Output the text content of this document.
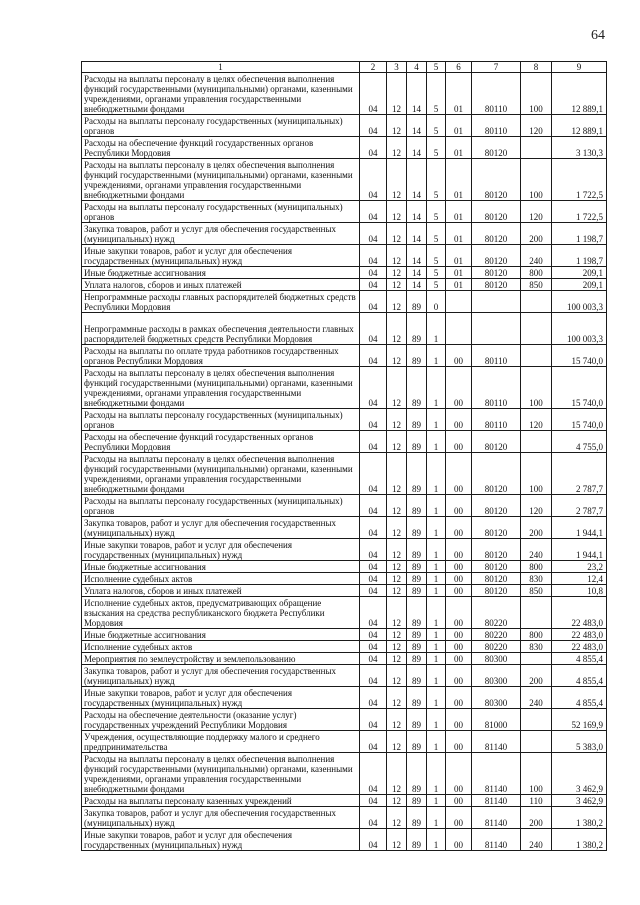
64
1	2	3	4	5	6	7	8	9
Расходы на выплаты персоналу в целях обеспечения выполнения функций государственными (муниципальными) органами, казенными учреждениями, органами управления государственными внебюджетными фондами	04	12	14	5	01	80110	100	12 889,1
Расходы на выплаты персоналу государственных (муниципальных) органов	04	12	14	5	01	80110	120	12 889,1
Расходы на обеспечение функций государственных органов Республики Мордовия	04	12	14	5	01	80120		3 130,3
Расходы на выплаты персоналу в целях обеспечения выполнения функций государственными (муниципальными) органами, казенными учреждениями, органами управления государственными внебюджетными фондами	04	12	14	5	01	80120	100	1 722,5
Расходы на выплаты персоналу государственных (муниципальных) органов	04	12	14	5	01	80120	120	1 722,5
Закупка товаров, работ и услуг для обеспечения государственных (муниципальных) нужд	04	12	14	5	01	80120	200	1 198,7
Иные закупки товаров, работ и услуг для обеспечения государственных (муниципальных) нужд	04	12	14	5	01	80120	240	1 198,7
Иные бюджетные ассигнования	04	12	14	5	01	80120	800	209,1
Уплата налогов, сборов и иных платежей	04	12	14	5	01	80120	850	209,1
Непрограммные расходы главных распорядителей бюджетных средств Республики Мордовия	04	12	89	0				100 003,3
Непрограммные расходы в рамках обеспечения деятельности главных распорядителей бюджетных средств Республики Мордовия	04	12	89	1				100 003,3
Расходы на выплаты по оплате труда работников государственных органов Республики Мордовия	04	12	89	1	00	80110		15 740,0
Расходы на выплаты персоналу в целях обеспечения выполнения функций государственными (муниципальными) органами, казенными учреждениями, органами управления государственными внебюджетными фондами	04	12	89	1	00	80110	100	15 740,0
Расходы на выплаты персоналу государственных (муниципальных) органов	04	12	89	1	00	80110	120	15 740,0
Расходы на обеспечение функций государственных органов Республики Мордовия	04	12	89	1	00	80120		4 755,0
Расходы на выплаты персоналу в целях обеспечения выполнения функций государственными (муниципальными) органами, казенными учреждениями, органами управления государственными внебюджетными фондами	04	12	89	1	00	80120	100	2 787,7
Расходы на выплаты персоналу государственных (муниципальных) органов	04	12	89	1	00	80120	120	2 787,7
Закупка товаров, работ и услуг для обеспечения государственных (муниципальных) нужд	04	12	89	1	00	80120	200	1 944,1
Иные закупки товаров, работ и услуг для обеспечения государственных (муниципальных) нужд	04	12	89	1	00	80120	240	1 944,1
Иные бюджетные ассигнования	04	12	89	1	00	80120	800	23,2
Исполнение судебных актов	04	12	89	1	00	80120	830	12,4
Уплата налогов, сборов и иных платежей	04	12	89	1	00	80120	850	10,8
Исполнение судебных актов, предусматривающих обращение взыскания на средства республиканского бюджета Республики Мордовия	04	12	89	1	00	80220		22 483,0
Иные бюджетные ассигнования	04	12	89	1	00	80220	800	22 483,0
Исполнение судебных актов	04	12	89	1	00	80220	830	22 483,0
Мероприятия по землеустройству и землепользованию	04	12	89	1	00	80300		4 855,4
Закупка товаров, работ и услуг для обеспечения государственных (муниципальных) нужд	04	12	89	1	00	80300	200	4 855,4
Иные закупки товаров, работ и услуг для обеспечения государственных (муниципальных) нужд	04	12	89	1	00	80300	240	4 855,4
Расходы на обеспечение деятельности (оказание услуг) государственных учреждений Республики Мордовия	04	12	89	1	00	81000		52 169,9
Учреждения, осуществляющие поддержку малого и среднего предпринимательства	04	12	89	1	00	81140		5 383,0
Расходы на выплаты персоналу в целях обеспечения выполнения функций государственными (муниципальными) органами, казенными учреждениями, органами управления государственными внебюджетными фондами	04	12	89	1	00	81140	100	3 462,9
Расходы на выплаты персоналу казенных учреждений	04	12	89	1	00	81140	110	3 462,9
Закупка товаров, работ и услуг для обеспечения государственных (муниципальных) нужд	04	12	89	1	00	81140	200	1 380,2
Иные закупки товаров, работ и услуг для обеспечения государственных (муниципальных) нужд	04	12	89	1	00	81140	240	1 380,2
